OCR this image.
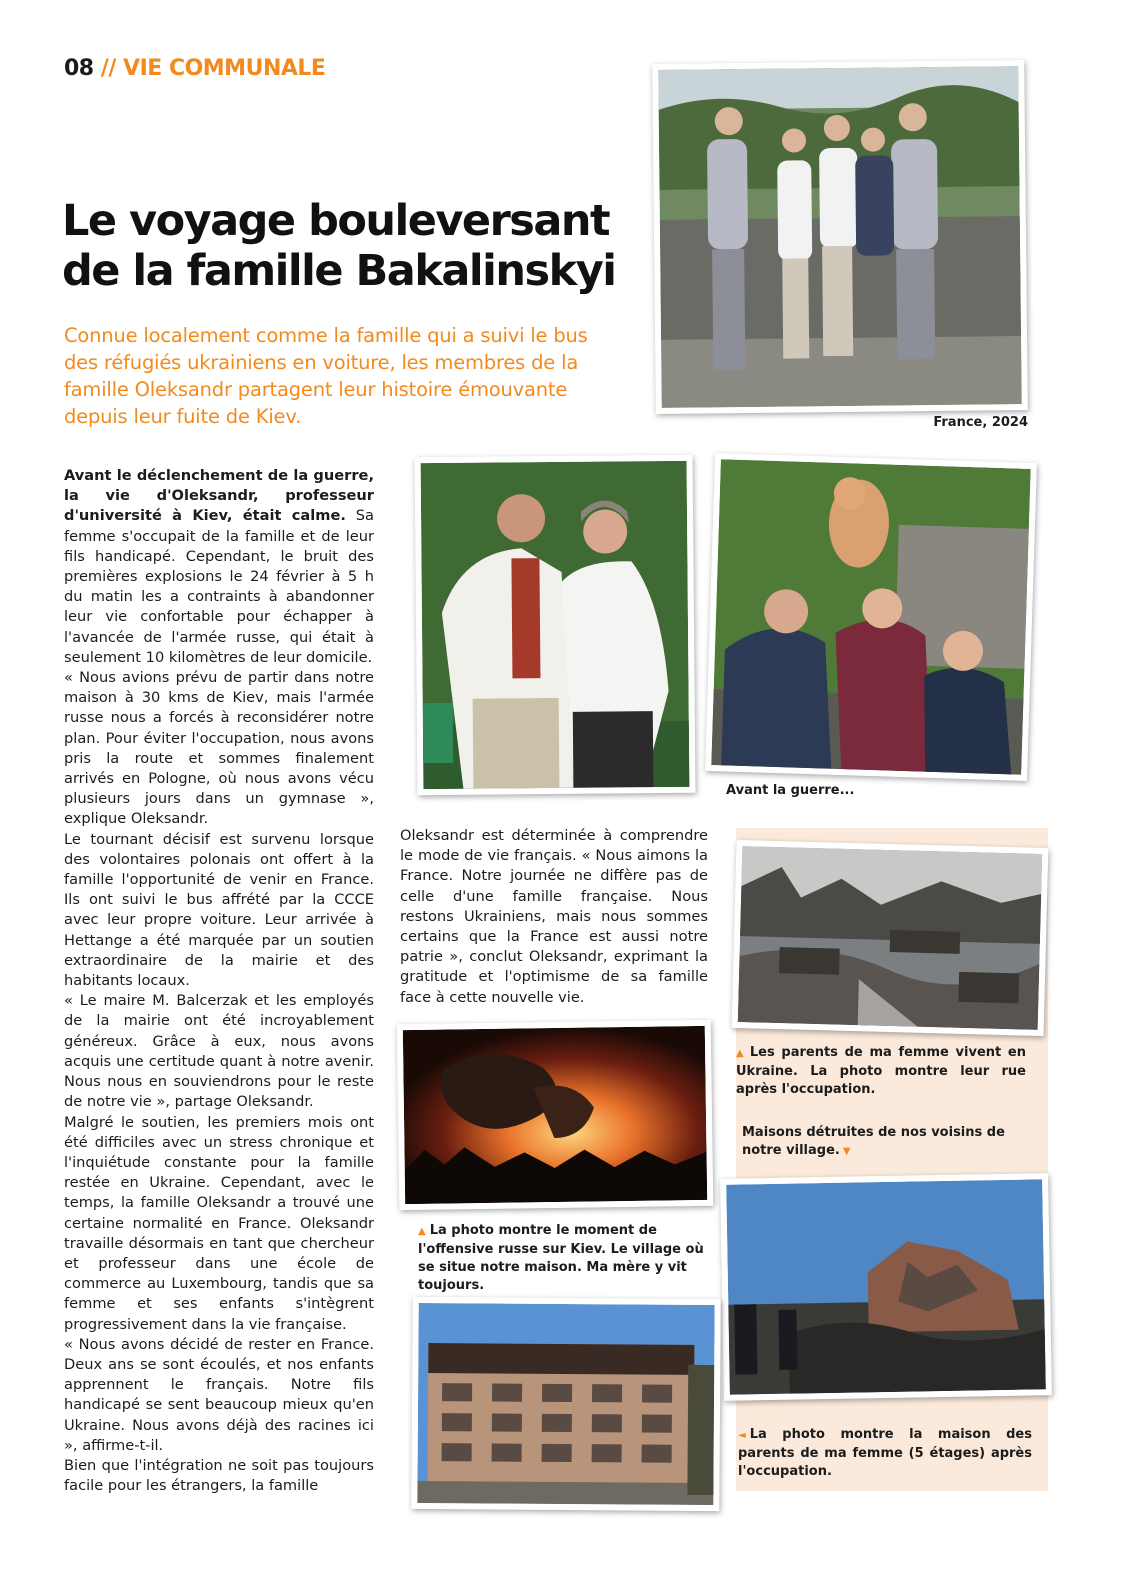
08 // VIE COMMUNALE
Le voyage bouleversant
de la famille Bakalinskyi

Connue localement comme la famille qui a suivi le bus des réfugiés ukrainiens en voiture, les membres de la famille Oleksandr partagent leur histoire émouvante depuis leur fuite de Kiev.	France, 2024

Avant le déclenchement de la guerre, la vie d'Oleksandr, professeur d'université à Kiev, était calme. Sa femme s'occupait de la famille et de leur fils handicapé. Cependant, le bruit des premières explosions le 24 février à 5 h du matin les a contraints à abandonner leur vie confortable pour échapper à l'avancée de l'armée russe, qui était à seulement 10 kilomètres de leur domicile.

« Nous avions prévu de partir dans notre maison à 30 kms de Kiev, mais l'armée russe nous a forcés à reconsidérer notre plan. Pour éviter l'occupation, nous avons pris la route et sommes finalement arrivés en Pologne, où nous avons vécu plusieurs jours dans un gymnase », explique Oleksandr.

Le tournant décisif est survenu lorsque des volontaires polonais ont offert à la famille l'opportunité de venir en France. Ils ont suivi le bus affrété par la CCCE avec leur propre voiture. Leur arrivée à Hettange a été marquée par un soutien extraordinaire de la mairie et des habitants locaux.

« Le maire M. Balcerzak et les employés de la mairie ont été incroyablement généreux. Grâce à eux, nous avons acquis une certitude quant à notre avenir. Nous nous en souviendrons pour le reste de notre vie », partage Oleksandr.

Malgré le soutien, les premiers mois ont été difficiles avec un stress chronique et l'inquiétude constante pour la famille restée en Ukraine. Cependant, avec le temps, la famille Oleksandr a trouvé une certaine normalité en France. Oleksandr travaille désormais en tant que chercheur et professeur dans une école de commerce au Luxembourg, tandis que sa femme et ses enfants s'intègrent progressivement dans la vie française.

« Nous avons décidé de rester en France. Deux ans se sont écoulés, et nos enfants apprennent le français. Notre fils handicapé se sent beaucoup mieux qu'en Ukraine. Nous avons déjà des racines ici », affirme-t-il.

Bien que l'intégration ne soit pas toujours facile pour les étrangers, la famille

Avant la guerre...
Oleksandr est déterminée à comprendre le mode de vie français. « Nous aimons la France. Notre journée ne diffère pas de celle d'une famille française. Nous restons Ukrainiens, mais nous sommes certains que la France est aussi notre patrie », conclut Oleksandr, exprimant la gratitude et l'optimisme de sa famille face à cette nouvelle vie.
▲ Les parents de ma femme vivent en Ukraine. La photo montre leur rue après l'occupation.
Maisons détruites de nos voisins de notre village. ▼
▲ La photo montre le moment de l'offensive russe sur Kiev. Le village où se situe notre maison. Ma mère y vit toujours.
◄ La photo montre la maison des parents de ma femme (5 étages) après l'occupation.
